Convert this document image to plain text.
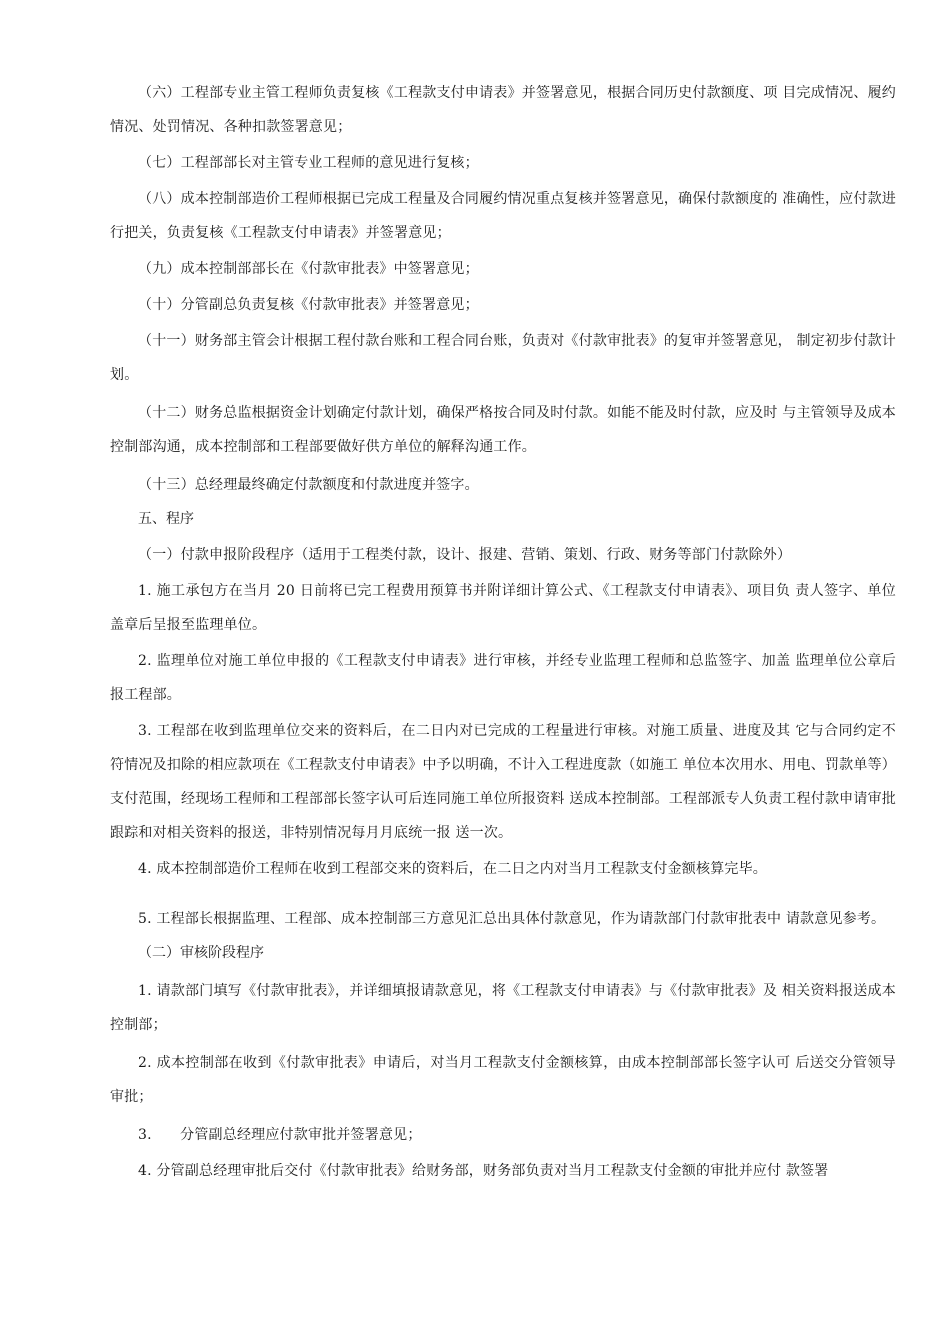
（六）工程部专业主管工程师负责复核《工程款支付申请表》并签署意见，根据合同历史付款额度、项 目完成情况、履约情况、处罚情况、各种扣款签署意见；

（七）工程部部长对主管专业工程师的意见进行复核；

（八）成本控制部造价工程师根据已完成工程量及合同履约情况重点复核并签署意见，确保付款额度的 准确性，应付款进行把关，负责复核《工程款支付申请表》并签署意见；

（九）成本控制部部长在《付款审批表》中签署意见；

（十）分管副总负责复核《付款审批表》并签署意见；

（十一）财务部主管会计根据工程付款台账和工程合同台账，负责对《付款审批表》的复审并签署意见， 制定初步付款计划。

（十二）财务总监根据资金计划确定付款计划，确保严格按合同及时付款。如能不能及时付款，应及时 与主管领导及成本控制部沟通，成本控制部和工程部要做好供方单位的解释沟通工作。

（十三）总经理最终确定付款额度和付款进度并签字。

五、程序

（一）付款申报阶段程序（适用于工程类付款，设计、报建、营销、策划、行政、财务等部门付款除外）

1. 施工承包方在当月 20 日前将已完工程费用预算书并附详细计算公式、《工程款支付申请表》、项目负 责人签字、单位盖章后呈报至监理单位。

2. 监理单位对施工单位申报的《工程款支付申请表》进行审核，并经专业监理工程师和总监签字、加盖 监理单位公章后报工程部。

3. 工程部在收到监理单位交来的资料后，在二日内对已完成的工程量进行审核。对施工质量、进度及其 它与合同约定不符情况及扣除的相应款项在《工程款支付申请表》中予以明确，不计入工程进度款（如施工 单位本次用水、用电、罚款单等）支付范围，经现场工程师和工程部部长签字认可后连同施工单位所报资料 送成本控制部。工程部派专人负责工程付款申请审批跟踪和对相关资料的报送，非特别情况每月月底统一报 送一次。

4. 成本控制部造价工程师在收到工程部交来的资料后，在二日之内对当月工程款支付金额核算完毕。

5. 工程部长根据监理、工程部、成本控制部三方意见汇总出具体付款意见，作为请款部门付款审批表中 请款意见参考。

（二）审核阶段程序

1. 请款部门填写《付款审批表》，并详细填报请款意见，将《工程款支付申请表》与《付款审批表》及 相关资料报送成本控制部；

2. 成本控制部在收到《付款审批表》申请后，对当月工程款支付金额核算，由成本控制部部长签字认可 后送交分管领导审批；

3.　　分管副总经理应付款审批并签署意见；

4. 分管副总经理审批后交付《付款审批表》给财务部，财务部负责对当月工程款支付金额的审批并应付 款签署
